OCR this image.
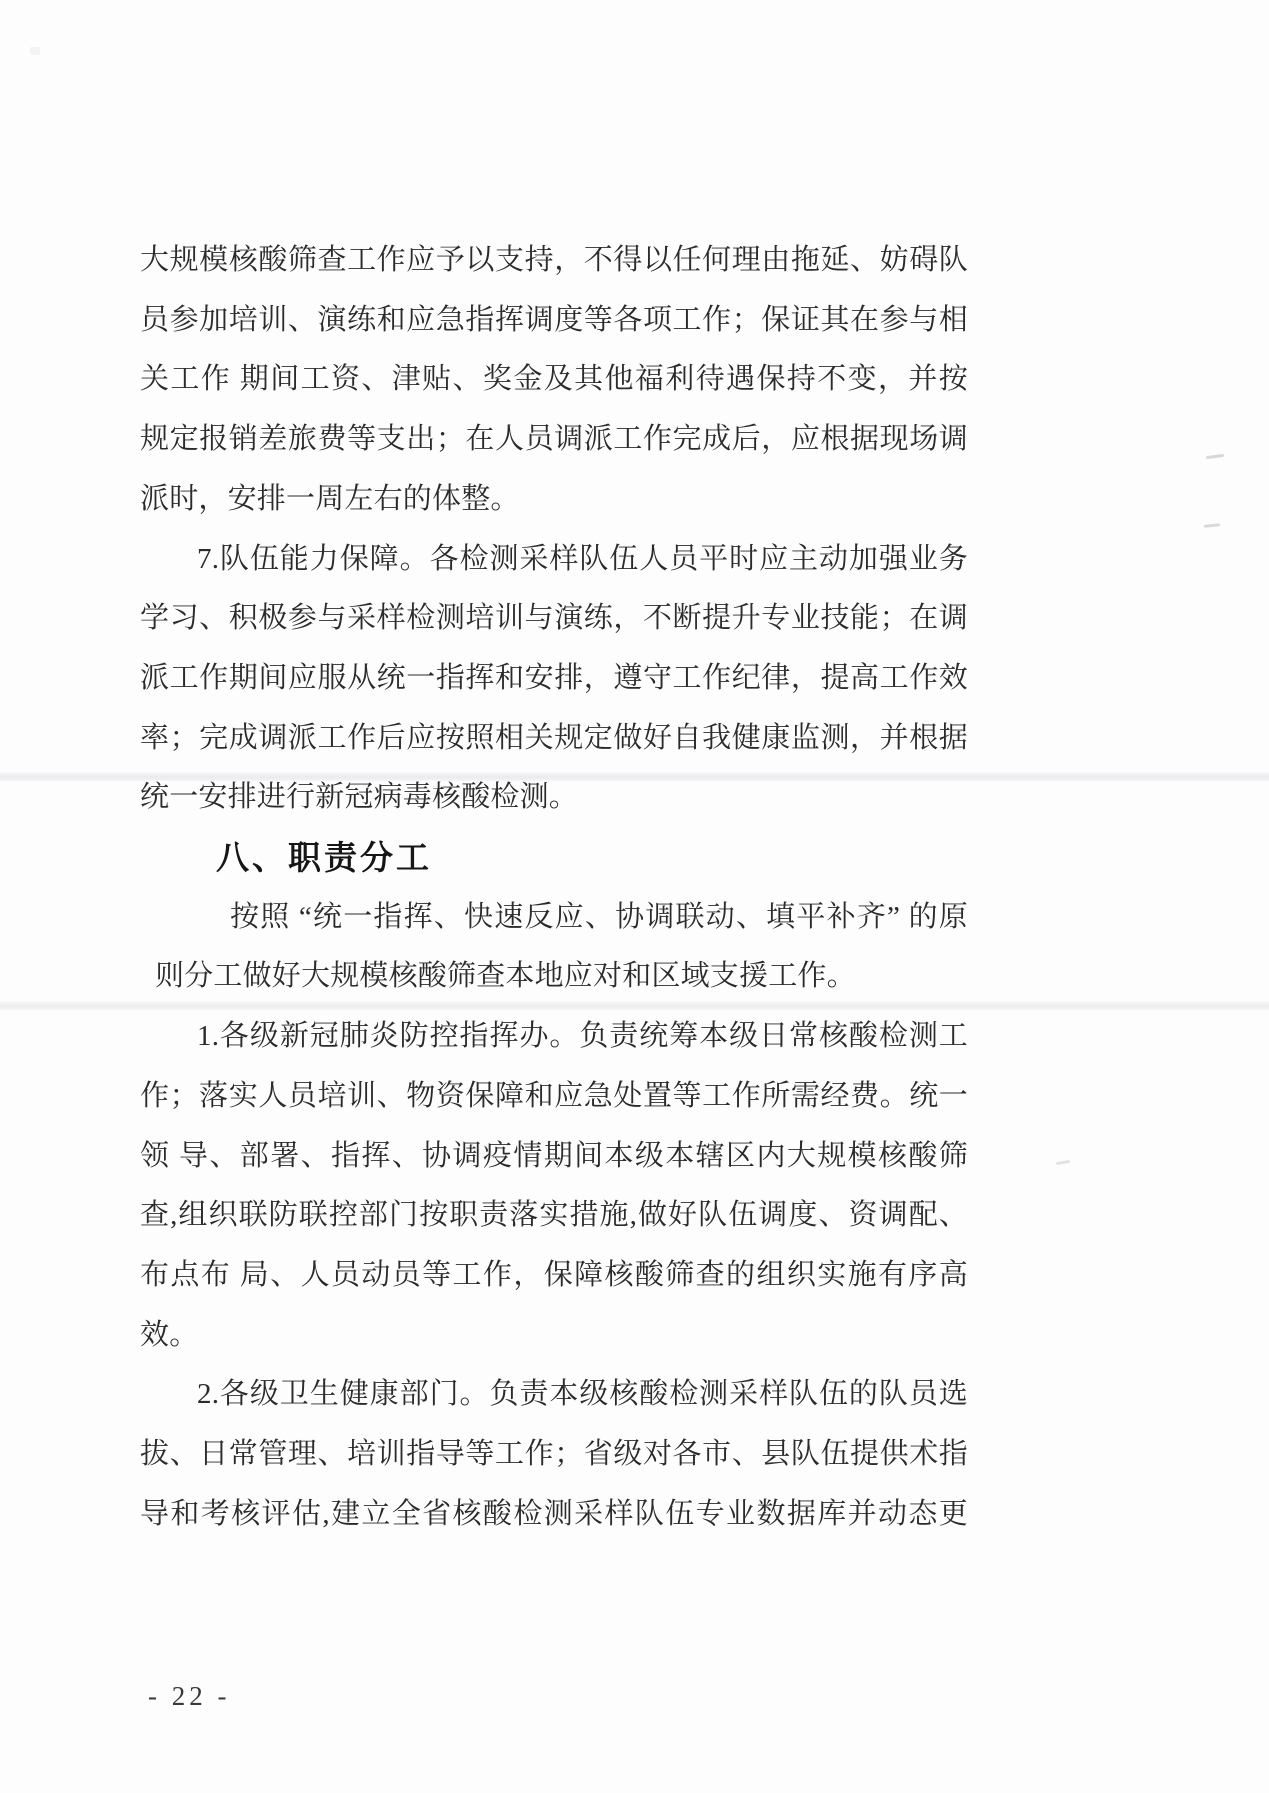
大规模核酸筛查工作应予以支持，不得以任何理由拖延、妨碍队
员参加培训、演练和应急指挥调度等各项工作；保证其在参与相
关工作 期间工资、津贴、奖金及其他福利待遇保持不变，并按
规定报销差旅费等支出；在人员调派工作完成后，应根据现场调
派时，安排一周左右的体整。
7.队伍能力保障。各检测采样队伍人员平时应主动加强业务
学习、积极参与采样检测培训与演练，不断提升专业技能；在调
派工作期间应服从统一指挥和安排，遵守工作纪律，提高工作效
率；完成调派工作后应按照相关规定做好自我健康监测，并根据
统一安排进行新冠病毒核酸检测。
八、职责分工
按照 “统一指挥、快速反应、协调联动、填平补齐” 的原
则分工做好大规模核酸筛查本地应对和区域支援工作。
1.各级新冠肺炎防控指挥办。负责统筹本级日常核酸检测工
作；落实人员培训、物资保障和应急处置等工作所需经费。统一
领 导、部署、指挥、协调疫情期间本级本辖区内大规模核酸筛
查,组织联防联控部门按职责落实措施,做好队伍调度、资调配、
布点布 局、人员动员等工作，保障核酸筛查的组织实施有序高
效。
2.各级卫生健康部门。负责本级核酸检测采样队伍的队员选
拔、日常管理、培训指导等工作；省级对各市、县队伍提供术指
导和考核评估,建立全省核酸检测采样队伍专业数据库并动态更
- 22 -
